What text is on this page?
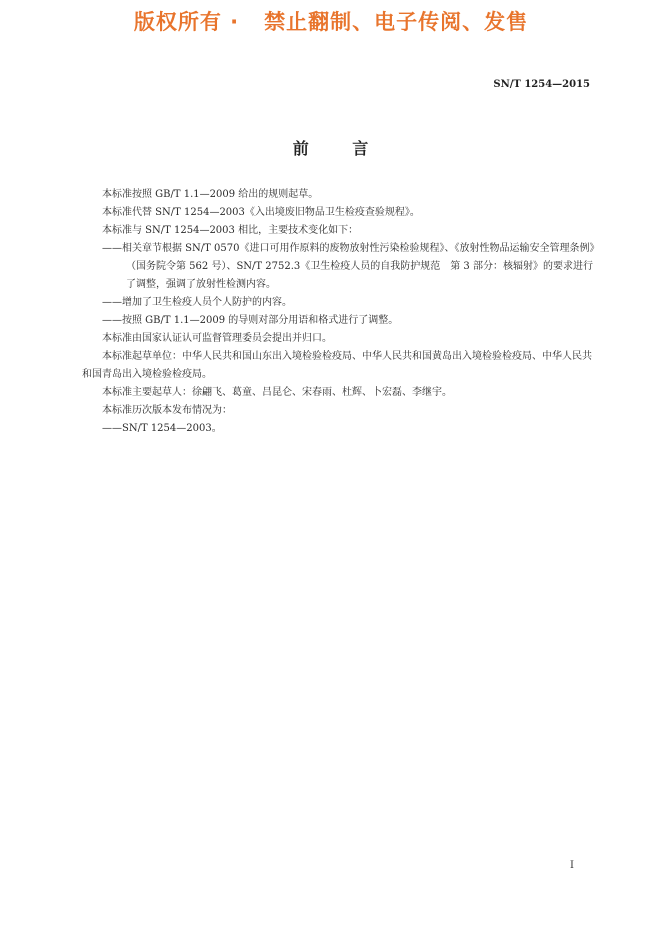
版权所有 ·   禁止翻制、电子传阅、发售
SN/T 1254—2015
前 言

本标准按照 GB/T 1.1—2009 给出的规则起草。

本标准代替 SN/T 1254—2003《入出境废旧物品卫生检疫查验规程》。

本标准与 SN/T 1254—2003 相比，主要技术变化如下：

——相关章节根据 SN/T 0570《进口可用作原料的废物放射性污染检验规程》、《放射性物品运输安全管理条例》（国务院令第 562 号）、SN/T 2752.3《卫生检疫人员的自我防护规范　第 3 部分：核辐射》的要求进行了调整，强调了放射性检测内容。

——增加了卫生检疫人员个人防护的内容。

——按照 GB/T 1.1—2009 的导则对部分用语和格式进行了调整。

本标准由国家认证认可监督管理委员会提出并归口。

本标准起草单位：中华人民共和国山东出入境检验检疫局、中华人民共和国黄岛出入境检验检疫局、中华人民共和国青岛出入境检验检疫局。

本标准主要起草人：徐翩飞、葛童、吕昆仑、宋春雨、杜辉、卜宏磊、李继宇。

本标准历次版本发布情况为：

——SN/T 1254—2003。

I
